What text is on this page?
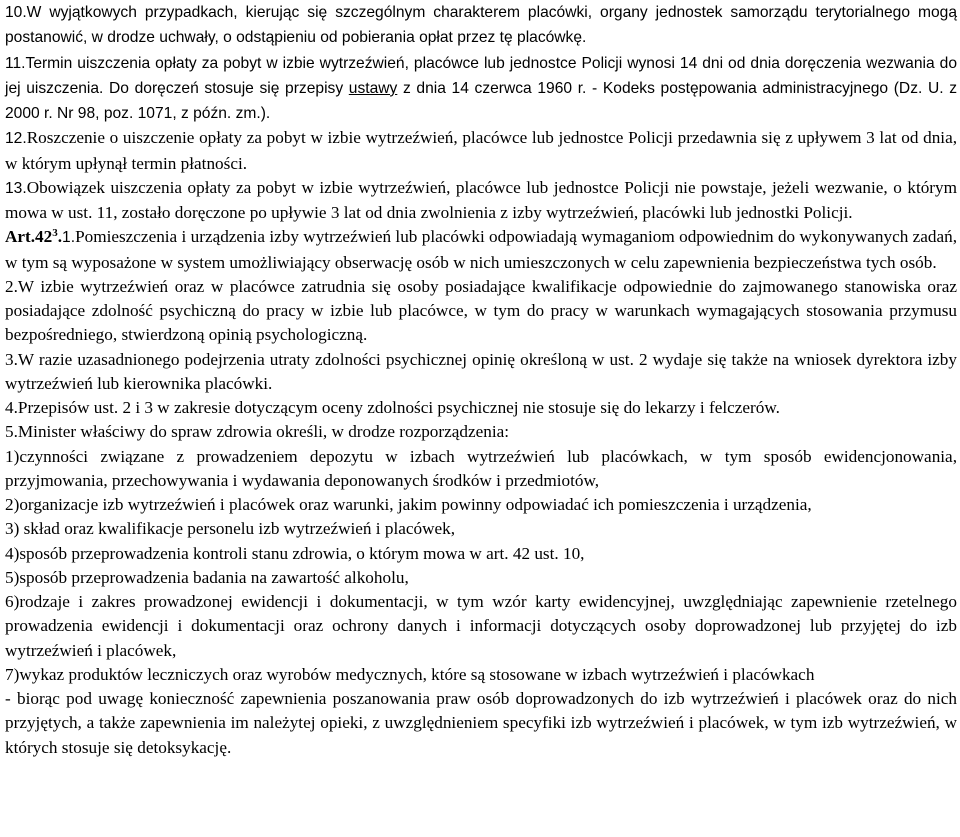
10.W wyjątkowych przypadkach, kierując się szczególnym charakterem placówki, organy jednostek samorządu terytorialnego mogą postanowić, w drodze uchwały, o odstąpieniu od pobierania opłat przez tę placówkę.

11.Termin uiszczenia opłaty za pobyt w izbie wytrzeźwień, placówce lub jednostce Policji wynosi 14 dni od dnia doręczenia wezwania do jej uiszczenia. Do doręczeń stosuje się przepisy ustawy z dnia 14 czerwca 1960 r. - Kodeks postępowania administracyjnego (Dz. U. z 2000 r. Nr 98, poz. 1071, z późn. zm.).

12.Roszczenie o uiszczenie opłaty za pobyt w izbie wytrzeźwień, placówce lub jednostce Policji przedawnia się z upływem 3 lat od dnia, w którym upłynął termin płatności.

13.Obowiązek uiszczenia opłaty za pobyt w izbie wytrzeźwień, placówce lub jednostce Policji nie powstaje, jeżeli wezwanie, o którym mowa w ust. 11, zostało doręczone po upływie 3 lat od dnia zwolnienia z izby wytrzeźwień, placówki lub jednostki Policji.

$Art.42^3.1.Pomieszczenia$ i urządzenia izby wytrzeźwień lub placówki odpowiadają wymaganiom odpowiednim do wykonywanych zadań, w tym są wyposażone w system umożliwiający obserwację osób w nich umieszczonych w celu zapewnienia bezpieczeństwa tych osób.

2.W izbie wytrzeźwień oraz w placówce zatrudnia się osoby posiadające kwalifikacje odpowiednie do zajmowanego stanowiska oraz posiadające zdolność psychiczną do pracy w izbie lub placówce, w tym do pracy w warunkach wymagających stosowania przymusu bezpośredniego, stwierdzoną opinią psychologiczną.

3.W razie uzasadnionego podejrzenia utraty zdolności psychicznej opinię określoną w ust. 2 wydaje się także na wniosek dyrektora izby wytrzeźwień lub kierownika placówki.

4.Przepisów ust. 2 i 3 w zakresie dotyczącym oceny zdolności psychicznej nie stosuje się do lekarzy i felczerów.

5.Minister właściwy do spraw zdrowia określi, w drodze rozporządzenia:

1)czynności związane z prowadzeniem depozytu w izbach wytrzeźwień lub placówkach, w tym sposób ewidencjonowania, przyjmowania, przechowywania i wydawania deponowanych środków i przedmiotów,

2)organizacje izb wytrzeźwień i placówek oraz warunki, jakim powinny odpowiadać ich pomieszczenia i urządzenia,

3) skład oraz kwalifikacje personelu izb wytrzeźwień i placówek,

4)sposób przeprowadzenia kontroli stanu zdrowia, o którym mowa w art. 42 ust. 10,

5)sposób przeprowadzenia badania na zawartość alkoholu,

6)rodzaje i zakres prowadzonej ewidencji i dokumentacji, w tym wzór karty ewidencyjnej, uwzględniając zapewnienie rzetelnego prowadzenia ewidencji i dokumentacji oraz ochrony danych i informacji dotyczących osoby doprowadzonej lub przyjętej do izb wytrzeźwień i placówek,

7)wykaz produktów leczniczych oraz wyrobów medycznych, które są stosowane w izbach wytrzeźwień i placówkach

- biorąc pod uwagę konieczność zapewnienia poszanowania praw osób doprowadzonych do izb wytrzeźwień i placówek oraz do nich przyjętych, a także zapewnienia im należytej opieki, z uwzględnieniem specyfiki izb wytrzeźwień i placówek, w tym izb wytrzeźwień, w których stosuje się detoksykację.
